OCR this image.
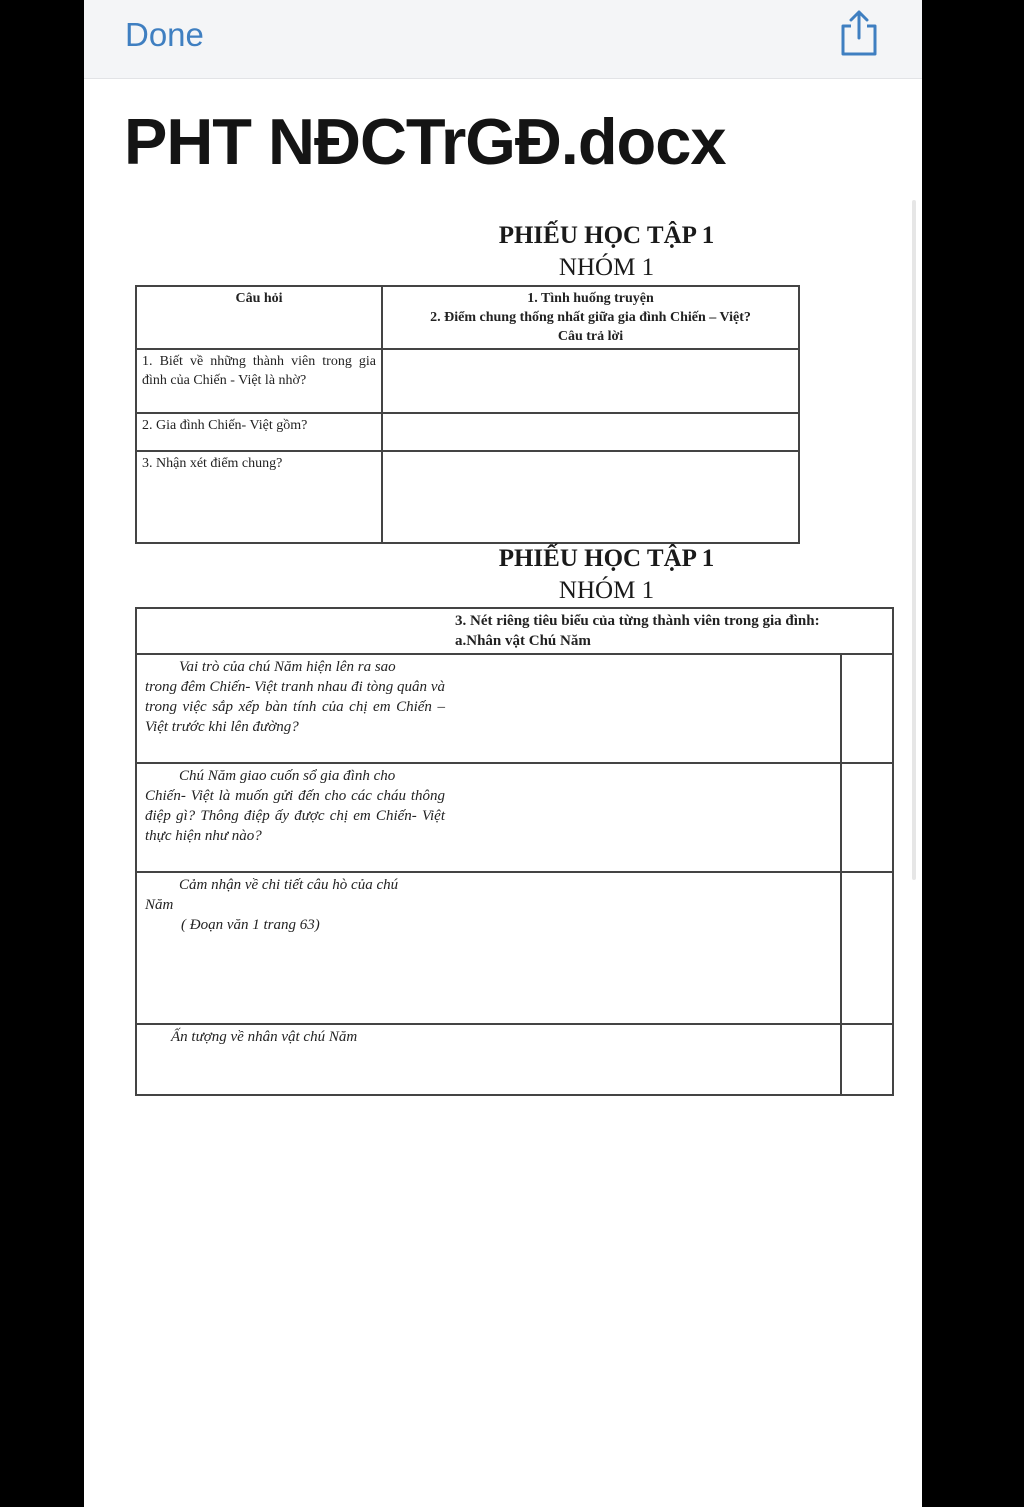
Done
PHT NĐCTrGĐ.docx
PHIẾU HỌC TẬP 1
NHÓM 1
Câu hỏi	1. Tình huống truyện
2. Điểm chung thống nhất giữa gia đình Chiến – Việt?
Câu trả lời

1. Biết về những thành viên trong gia đình của Chiến - Việt là nhờ?	
2. Gia đình Chiến- Việt gồm?	
3. Nhận xét điểm chung?	
PHIẾU HỌC TẬP 1
NHÓM 1
3. Nét riêng tiêu biểu của từng thành viên trong gia đình:
a.Nhân vật Chú Năm	

Vai trò của chú Năm hiện lên ra sao
trong đêm Chiến- Việt tranh nhau đi tòng quân và trong việc sắp xếp bàn tính của chị em Chiến – Việt trước khi lên đường?	

Chú Năm giao cuốn sổ gia đình cho
Chiến- Việt là muốn gửi đến cho các cháu thông điệp gì? Thông điệp ấy được chị em Chiến- Việt thực hiện như nào?	

Cảm nhận về chi tiết câu hò của chú
Năm
( Đoạn văn 1 trang 63)	

Ấn tượng về nhân vật chú Năm	
